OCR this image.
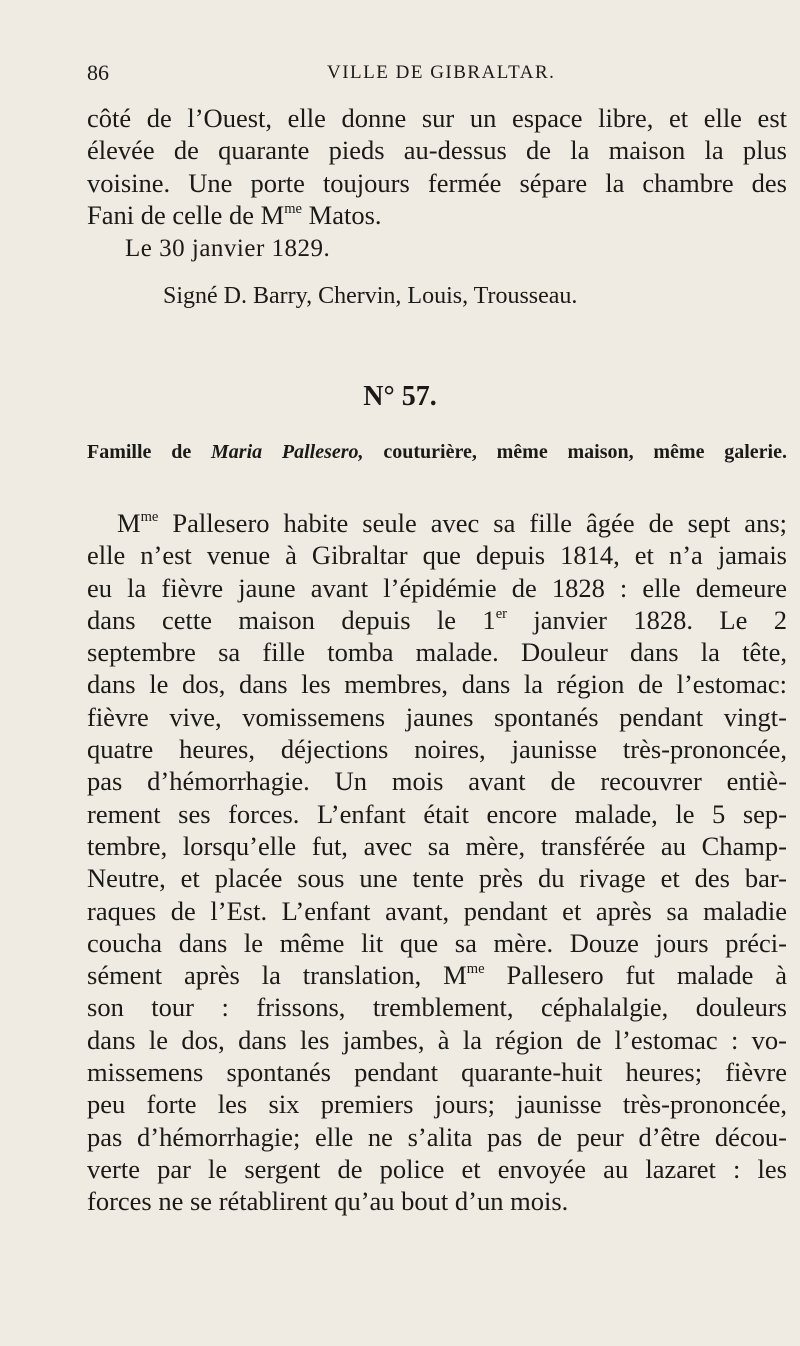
86	VILLE DE GIBRALTAR.
côté de l’Ouest, elle donne sur un espace libre, et elle est
élevée de quarante pieds au-dessus de la maison la plus
voisine. Une porte toujours fermée sépare la chambre des
Fani de celle de $M^{me}$ Matos.
Le 30 janvier 1829.
Signé D. Barry, Chervin, Louis, Trousseau.
N° 57.
Famille de Maria Pallesero, couturière, même maison, même galerie.
$M^{me}$ Pallesero habite seule avec sa fille âgée de sept ans;
elle n’est venue à Gibraltar que depuis 1814, et n’a jamais
eu la fièvre jaune avant l’épidémie de 1828 : elle demeure
dans cette maison depuis le 1er janvier 1828. Le 2
septembre sa fille tomba malade. Douleur dans la tête,
dans le dos, dans les membres, dans la région de l’estomac:
fièvre vive, vomissemens jaunes spontanés pendant vingt-
quatre heures, déjections noires, jaunisse très-prononcée,
pas d’hémorrhagie. Un mois avant de recouvrer entiè-
rement ses forces. L’enfant était encore malade, le 5 sep-
tembre, lorsqu’elle fut, avec sa mère, transférée au Champ-
Neutre, et placée sous une tente près du rivage et des bar-
raques de l’Est. L’enfant avant, pendant et après sa maladie
coucha dans le même lit que sa mère. Douze jours préci-
sément après la translation, $M^{me}$ Pallesero fut malade à
son tour : frissons, tremblement, céphalalgie, douleurs
dans le dos, dans les jambes, à la région de l’estomac : vo-
missemens spontanés pendant quarante-huit heures; fièvre
peu forte les six premiers jours; jaunisse très-prononcée,
pas d’hémorrhagie; elle ne s’alita pas de peur d’être décou-
verte par le sergent de police et envoyée au lazaret : les
forces ne se rétablirent qu’au bout d’un mois.
